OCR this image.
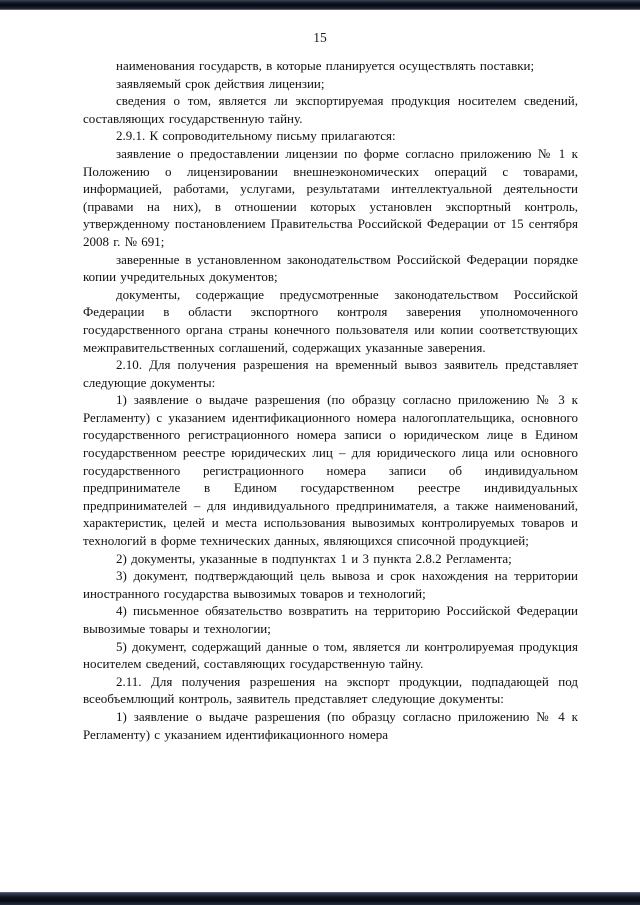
15

наименования государств, в которые планируется осуществлять поставки;

заявляемый срок действия лицензии;

сведения о том, является ли экспортируемая продукция носителем сведений, составляющих государственную тайну.

2.9.1. К сопроводительному письму прилагаются:

заявление о предоставлении лицензии по форме согласно приложению № 1 к Положению о лицензировании внешнеэкономических операций с товарами, информацией, работами, услугами, результатами интеллектуальной деятельности (правами на них), в отношении которых установлен экспортный контроль, утвержденному постановлением Правительства Российской Федерации от 15 сентября 2008 г. № 691;

заверенные в установленном законодательством Российской Федерации порядке копии учредительных документов;

документы, содержащие предусмотренные законодательством Российской Федерации в области экспортного контроля заверения уполномоченного государственного органа страны конечного пользователя или копии соответствующих межправительственных соглашений, содержащих указанные заверения.

2.10. Для получения разрешения на временный вывоз заявитель представляет следующие документы:

1) заявление о выдаче разрешения (по образцу согласно приложению № 3 к Регламенту) с указанием идентификационного номера налогоплательщика, основного государственного регистрационного номера записи о юридическом лице в Едином государственном реестре юридических лиц – для юридического лица или основного государственного регистрационного номера записи об индивидуальном предпринимателе в Едином государственном реестре индивидуальных предпринимателей – для индивидуального предпринимателя, а также наименований, характеристик, целей и места использования вывозимых контролируемых товаров и технологий в форме технических данных, являющихся списочной продукцией;

2) документы, указанные в подпунктах 1 и 3 пункта 2.8.2 Регламента;

3) документ, подтверждающий цель вывоза и срок нахождения на территории иностранного государства вывозимых товаров и технологий;

4) письменное обязательство возвратить на территорию Российской Федерации вывозимые товары и технологии;

5) документ, содержащий данные о том, является ли контролируемая продукция носителем сведений, составляющих государственную тайну.

2.11. Для получения разрешения на экспорт продукции, подпадающей под всеобъемлющий контроль, заявитель представляет следующие документы:

1) заявление о выдаче разрешения (по образцу согласно приложению № 4 к Регламенту) с указанием идентификационного номера
